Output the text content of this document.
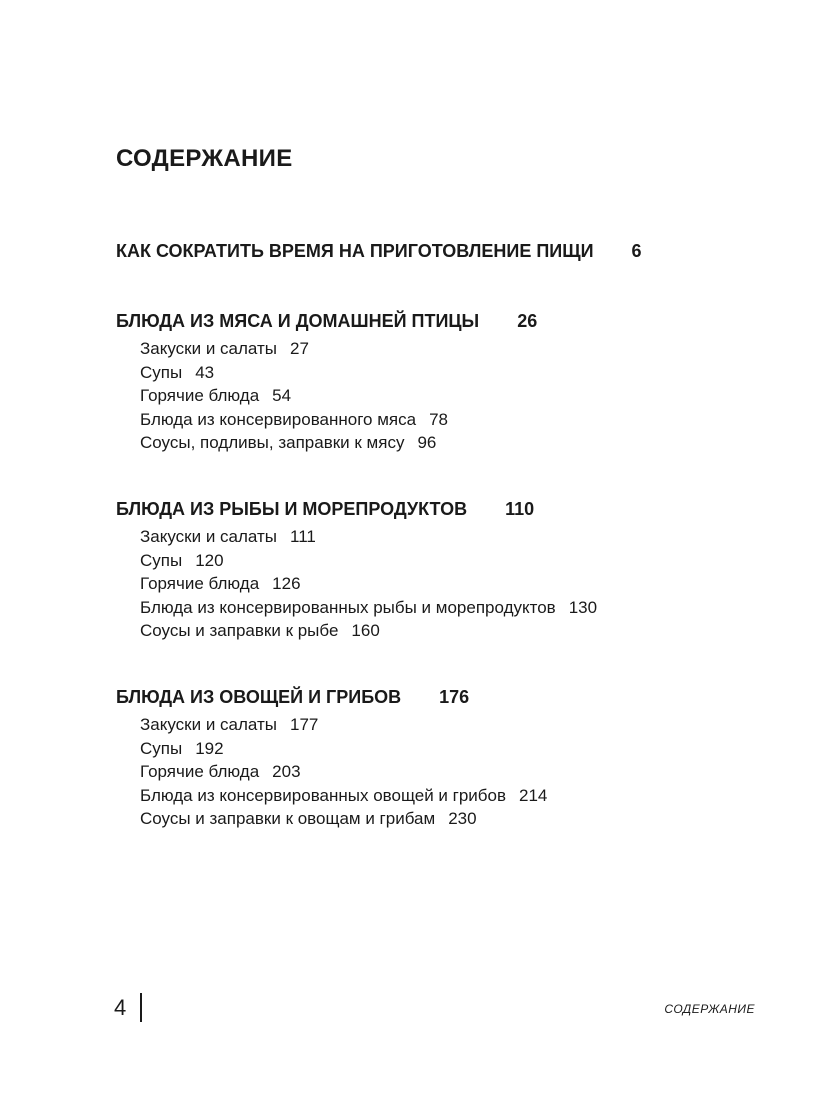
СОДЕРЖАНИЕ
КАК СОКРАТИТЬ ВРЕМЯ НА ПРИГОТОВЛЕНИЕ ПИЩИ 6
БЛЮДА ИЗ МЯСА И ДОМАШНЕЙ ПТИЦЫ 26
Закуски и салаты 27
Супы 43
Горячие блюда 54
Блюда из консервированного мяса 78
Соусы, подливы, заправки к мясу 96
БЛЮДА ИЗ РЫБЫ И МОРЕПРОДУКТОВ 110
Закуски и салаты 111
Супы 120
Горячие блюда 126
Блюда из консервированных рыбы и морепродуктов 130
Соусы и заправки к рыбе 160
БЛЮДА ИЗ ОВОЩЕЙ И ГРИБОВ 176
Закуски и салаты 177
Супы 192
Горячие блюда 203
Блюда из консервированных овощей и грибов 214
Соусы и заправки к овощам и грибам 230
4	СОДЕРЖАНИЕ
